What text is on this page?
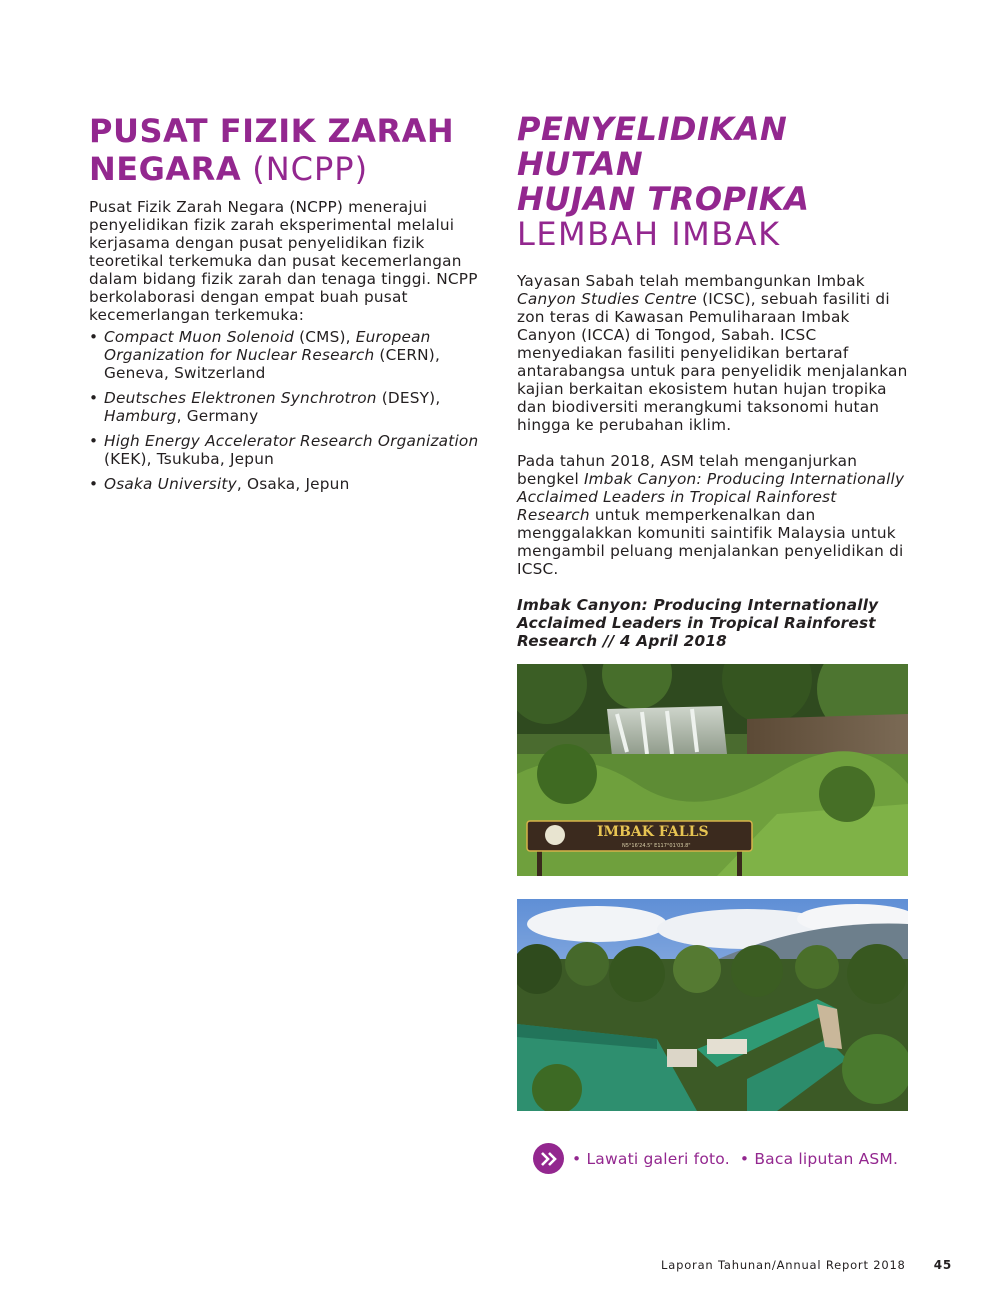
PUSAT FIZIK ZARAH NEGARA (NCPP)

Pusat Fizik Zarah Negara (NCPP) menerajui penyelidikan fizik zarah eksperimental melalui kerjasama dengan pusat penyelidikan fizik teoretikal terkemuka dan pusat kecemerlangan dalam bidang fizik zarah dan tenaga tinggi. NCPP berkolaborasi dengan empat buah pusat kecemerlangan terkemuka:

• Compact Muon Solenoid (CMS), European Organization for Nuclear Research (CERN), Geneva, Switzerland
• Deutsches Elektronen Synchrotron (DESY), Hamburg, Germany
• High Energy Accelerator Research Organization (KEK), Tsukuba, Jepun
• Osaka University, Osaka, Jepun
PENYELIDIKAN HUTAN
HUJAN TROPIKA
LEMBAH IMBAK

Yayasan Sabah telah membangunkan Imbak Canyon Studies Centre (ICSC), sebuah fasiliti di zon teras di Kawasan Pemuliharaan Imbak Canyon (ICCA) di Tongod, Sabah. ICSC menyediakan fasiliti penyelidikan bertaraf antarabangsa untuk para penyelidik menjalankan kajian berkaitan ekosistem hutan hujan tropika dan biodiversiti merangkumi taksonomi hutan hingga ke perubahan iklim.

Pada tahun 2018, ASM telah menganjurkan bengkel Imbak Canyon: Producing Internationally Acclaimed Leaders in Tropical Rainforest Research untuk memperkenalkan dan menggalakkan komuniti saintifik Malaysia untuk mengambil peluang menjalankan penyelidikan di ICSC.

Imbak Canyon: Producing Internationally Acclaimed Leaders in Tropical Rainforest Research // 4 April 2018

IMBAK FALLS
N5°16'24.5" E117°01'03.8"
• Lawati galeri foto. • Baca liputan ASM.
Laporan Tahunan/Annual Report 2018 45
